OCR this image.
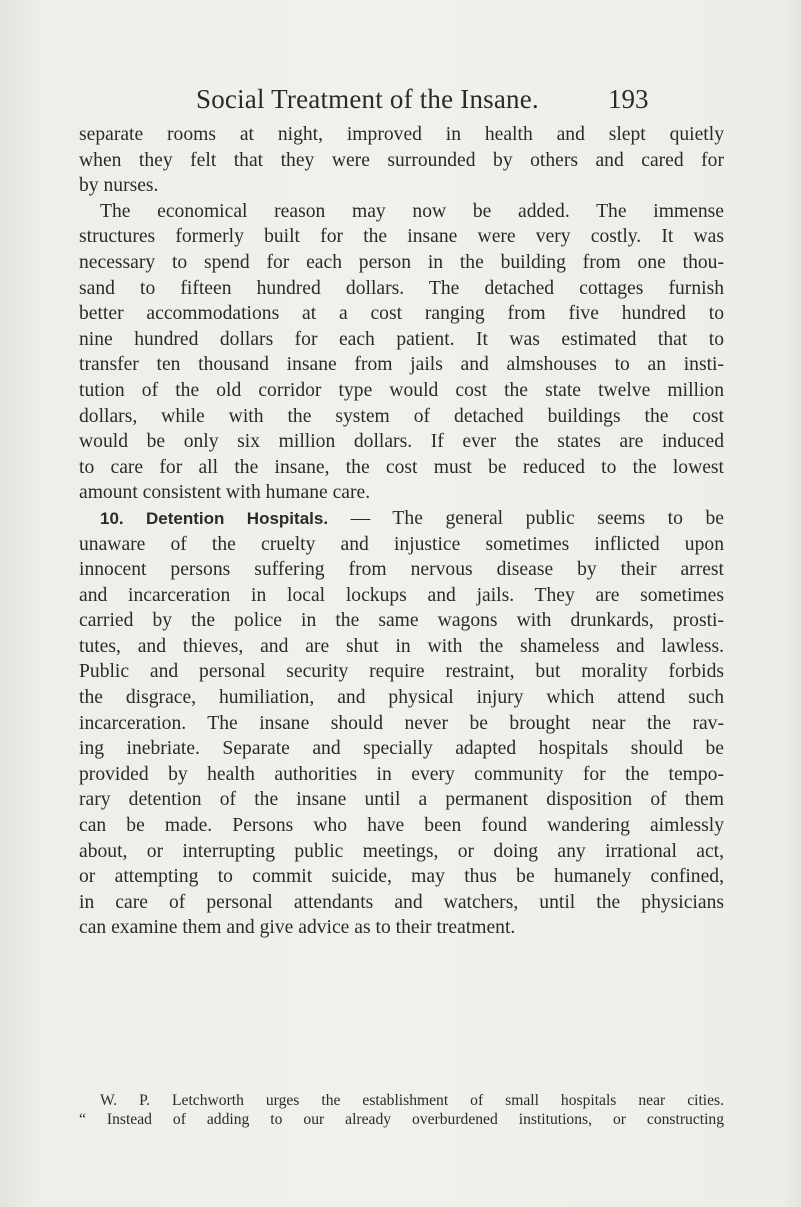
Social Treatment of the Insane.	193
separate rooms at night, improved in health and slept quietly
when they felt that they were surrounded by others and cared for
by nurses.
The economical reason may now be added. The immense
structures formerly built for the insane were very costly. It was
necessary to spend for each person in the building from one thou-
sand to fifteen hundred dollars. The detached cottages furnish
better accommodations at a cost ranging from five hundred to
nine hundred dollars for each patient. It was estimated that to
transfer ten thousand insane from jails and almshouses to an insti-
tution of the old corridor type would cost the state twelve million
dollars, while with the system of detached buildings the cost
would be only six million dollars. If ever the states are induced
to care for all the insane, the cost must be reduced to the lowest
amount consistent with humane care.
10. Detention Hospitals. — The general public seems to be
unaware of the cruelty and injustice sometimes inflicted upon
innocent persons suffering from nervous disease by their arrest
and incarceration in local lockups and jails. They are sometimes
carried by the police in the same wagons with drunkards, prosti-
tutes, and thieves, and are shut in with the shameless and lawless.
Public and personal security require restraint, but morality forbids
the disgrace, humiliation, and physical injury which attend such
incarceration. The insane should never be brought near the rav-
ing inebriate. Separate and specially adapted hospitals should be
provided by health authorities in every community for the tempo-
rary detention of the insane until a permanent disposition of them
can be made. Persons who have been found wandering aimlessly
about, or interrupting public meetings, or doing any irrational act,
or attempting to commit suicide, may thus be humanely confined,
in care of personal attendants and watchers, until the physicians
can examine them and give advice as to their treatment.
W. P. Letchworth urges the establishment of small hospitals near cities.
“ Instead of adding to our already overburdened institutions, or constructing
